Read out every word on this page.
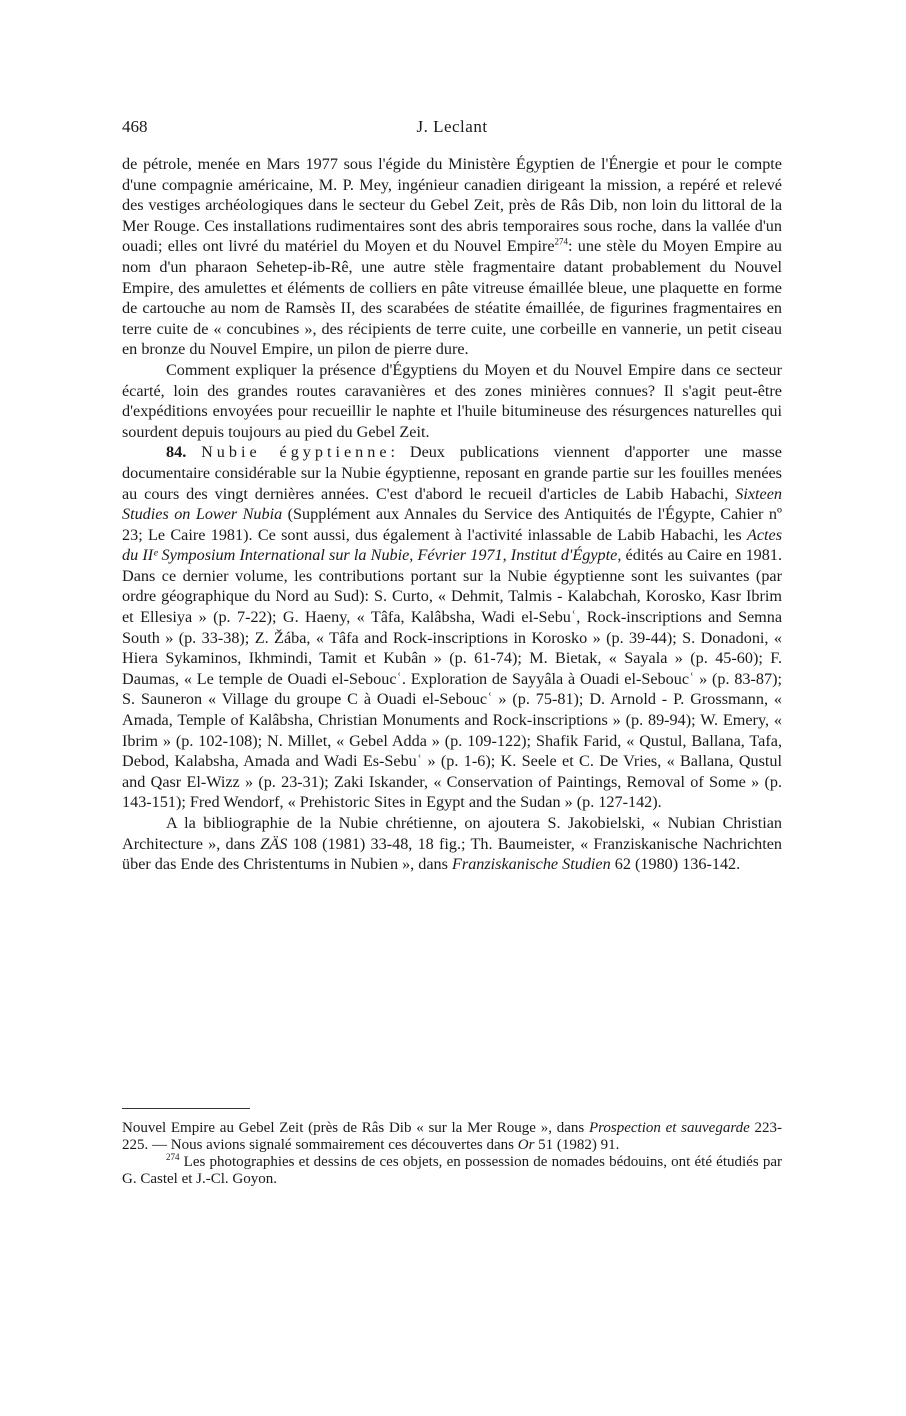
468	J. Leclant

de pétrole, menée en Mars 1977 sous l'égide du Ministère Égyptien de l'Énergie et pour le compte d'une compagnie américaine, M. P. Mey, ingénieur canadien dirigeant la mission, a repéré et relevé des vestiges archéologiques dans le secteur du Gebel Zeit, près de Râs Dib, non loin du littoral de la Mer Rouge. Ces installations rudimentaires sont des abris temporaires sous roche, dans la vallée d'un ouadi; elles ont livré du matériel du Moyen et du Nouvel Empire$^{274}$: une stèle du Moyen Empire au nom d'un pharaon Sehetep-ib-Rê, une autre stèle fragmentaire datant probablement du Nouvel Empire, des amulettes et éléments de colliers en pâte vitreuse émaillée bleue, une plaquette en forme de cartouche au nom de Ramsès II, des scarabées de stéatite émaillée, de figurines fragmentaires en terre cuite de « concubines », des récipients de terre cuite, une corbeille en vannerie, un petit ciseau en bronze du Nouvel Empire, un pilon de pierre dure.

Comment expliquer la présence d'Égyptiens du Moyen et du Nouvel Empire dans ce secteur écarté, loin des grandes routes caravanières et des zones minières connues? Il s'agit peut-être d'expéditions envoyées pour recueillir le naphte et l'huile bitumineuse des résurgences naturelles qui sourdent depuis toujours au pied du Gebel Zeit.

84. Nubie égyptienne: Deux publications viennent d'apporter une masse documentaire considérable sur la Nubie égyptienne, reposant en grande partie sur les fouilles menées au cours des vingt dernières années. C'est d'abord le recueil d'articles de Labib Habachi, Sixteen Studies on Lower Nubia (Supplément aux Annales du Service des Antiquités de l'Égypte, Cahier nº 23; Le Caire 1981). Ce sont aussi, dus également à l'activité inlassable de Labib Habachi, les Actes du IIᵉ Symposium International sur la Nubie, Février 1971, Institut d'Égypte, édités au Caire en 1981. Dans ce dernier volume, les contributions portant sur la Nubie égyptienne sont les suivantes (par ordre géographique du Nord au Sud): S. Curto, « Dehmit, Talmis - Kalabchah, Korosko, Kasr Ibrim et Ellesiya » (p. 7-22); G. Haeny, « Tâfa, Kalâbsha, Wadi el-Sebuʿ, Rock-inscriptions and Semna South » (p. 33-38); Z. Žába, « Tâfa and Rock-inscriptions in Korosko » (p. 39-44); S. Donadoni, « Hiera Sykaminos, Ikhmindi, Tamit et Kubân » (p. 61-74); M. Bietak, « Sayala » (p. 45-60); F. Daumas, « Le temple de Ouadi el-Seboucʿ. Exploration de Sayyâla à Ouadi el-Seboucʿ » (p. 83-87); S. Sauneron « Village du groupe C à Ouadi el-Seboucʿ » (p. 75-81); D. Arnold - P. Grossmann, « Amada, Temple of Kalâbsha, Christian Monuments and Rock-inscriptions » (p. 89-94); W. Emery, « Ibrim » (p. 102-108); N. Millet, « Gebel Adda » (p. 109-122); Shafik Farid, « Qustul, Ballana, Tafa, Debod, Kalabsha, Amada and Wadi Es-Sebuʿ » (p. 1-6); K. Seele et C. De Vries, « Ballana, Qustul and Qasr El-Wizz » (p. 23-31); Zaki Iskander, « Conservation of Paintings, Removal of Some » (p. 143-151); Fred Wendorf, « Prehistoric Sites in Egypt and the Sudan » (p. 127-142).

A la bibliographie de la Nubie chrétienne, on ajoutera S. Jakobielski, « Nubian Christian Architecture », dans ZÄS 108 (1981) 33-48, 18 fig.; Th. Baumeister, « Franziskanische Nachrichten über das Ende des Christentums in Nubien », dans Franziskanische Studien 62 (1980) 136-142.

Nouvel Empire au Gebel Zeit (près de Râs Dib « sur la Mer Rouge », dans Prospection et sauvegarde 223-225. — Nous avions signalé sommairement ces découvertes dans Or 51 (1982) 91.

$^{274}$ Les photographies et dessins de ces objets, en possession de nomades bédouins, ont été étudiés par G. Castel et J.-Cl. Goyon.
